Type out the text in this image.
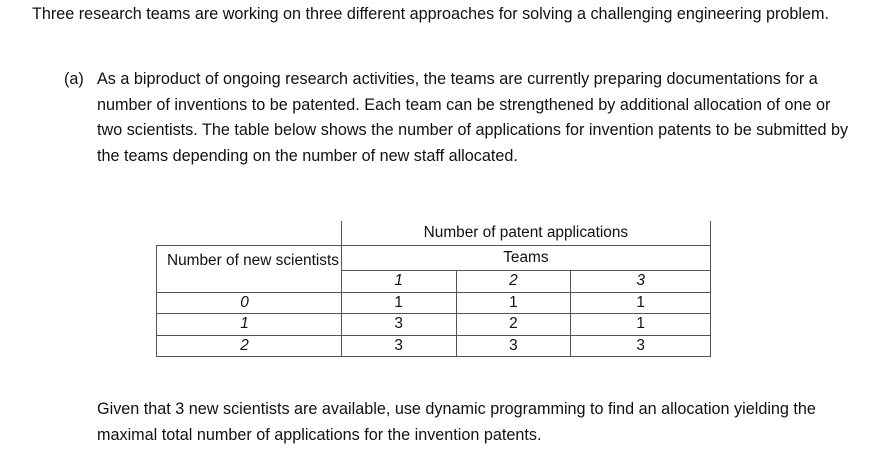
Three research teams are working on three different approaches for solving a challenging engineering problem.

(a) As a biproduct of ongoing research activities, the teams are currently preparing documentations for a number of inventions to be patented. Each team can be strengthened by additional allocation of one or two scientists. The table below shows the number of applications for invention patents to be submitted by the teams depending on the number of new staff allocated.

	Number of patent applications		
Number of new scientists	Teams		
	1	2	3
0	1	1	1
1	3	2	1
2	3	3	3

Given that 3 new scientists are available, use dynamic programming to find an allocation yielding the maximal total number of applications for the invention patents.
